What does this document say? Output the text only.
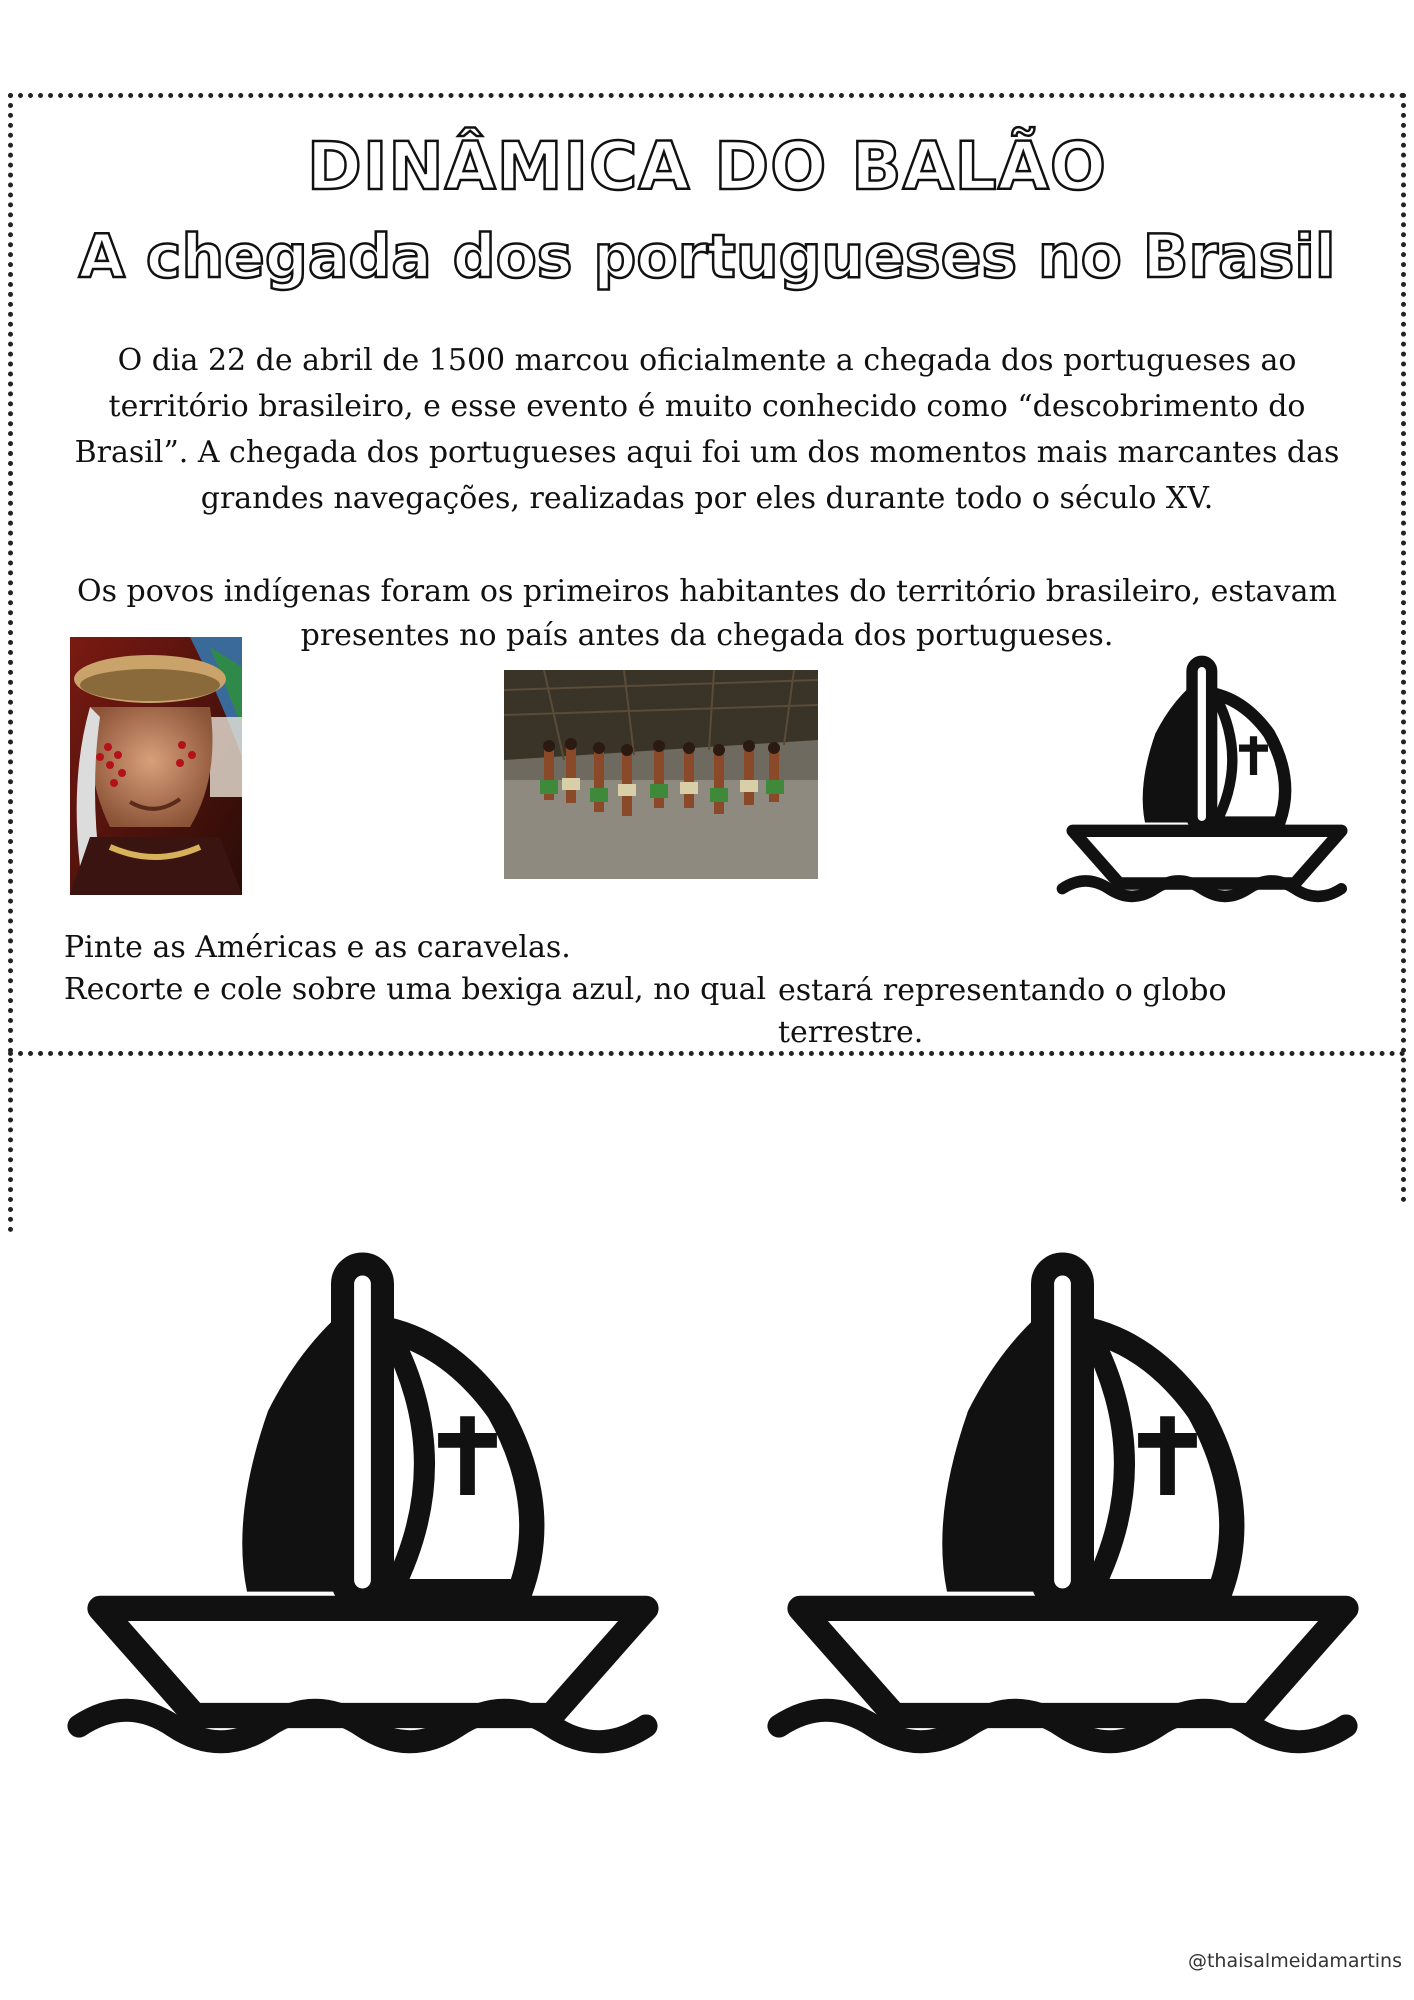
DINÂMICA DO BALÃO
A chegada dos portugueses no Brasil

O dia 22 de abril de 1500 marcou oficialmente a chegada dos portugueses ao território brasileiro, e esse evento é muito conhecido como “descobrimento do Brasil”. A chegada dos portugueses aqui foi um dos momentos mais marcantes das grandes navegações, realizadas por eles durante todo o século XV.

Os povos indígenas foram os primeiros habitantes do território brasileiro, estavam presentes no país antes da chegada dos portugueses.

Pinte as Américas e as caravelas.

Recorte e cole sobre uma bexiga azul, no qual estará representando o globo terrestre.

@thaisalmeidamartins
